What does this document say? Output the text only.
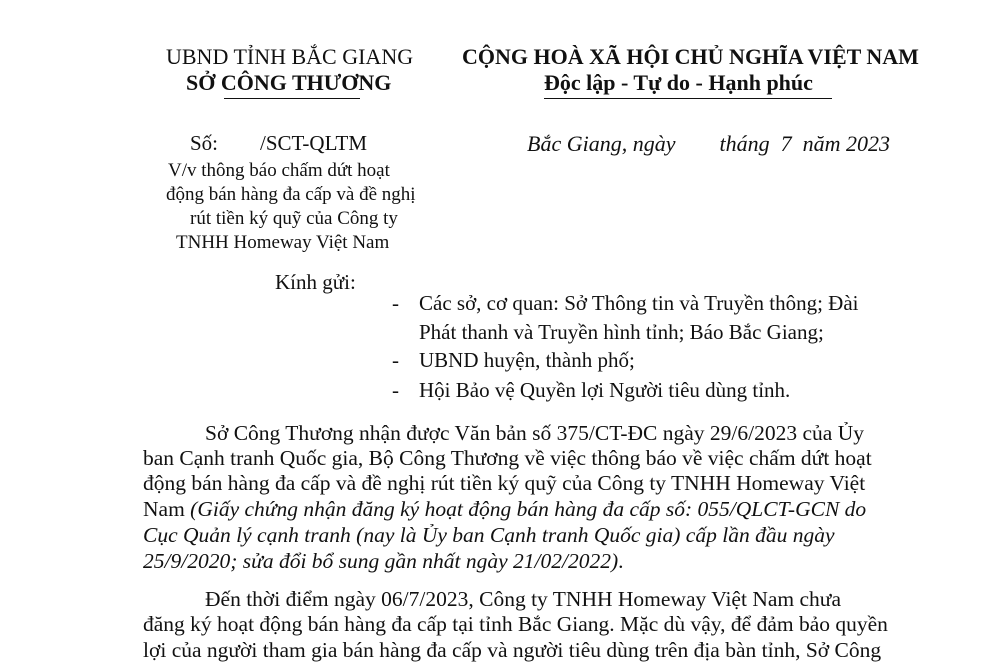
UBND TỈNH BẮC GIANG
SỞ CÔNG THƯƠNG
CỘNG HOÀ XÃ HỘI CHỦ NGHĨA VIỆT NAM
Độc lập - Tự do - Hạnh phúc
Số:        /SCT-QLTM	Bắc Giang, ngày        tháng  7  năm 2023
V/v thông báo chấm dứt hoạt
động bán hàng đa cấp và đề nghị
rút tiền ký quỹ của Công ty
TNHH Homeway Việt Nam
Kính gửi:
- Các sở, cơ quan: Sở Thông tin và Truyền thông; Đài
Phát thanh và Truyền hình tỉnh; Báo Bắc Giang;
- UBND huyện, thành phố;
- Hội Bảo vệ Quyền lợi Người tiêu dùng tỉnh.
Sở Công Thương nhận được Văn bản số 375/CT-ĐC ngày 29/6/2023 của Ủy
ban Cạnh tranh Quốc gia, Bộ Công Thương về việc thông báo về việc chấm dứt hoạt
động bán hàng đa cấp và đề nghị rút tiền ký quỹ của Công ty TNHH Homeway Việt
Nam (Giấy chứng nhận đăng ký hoạt động bán hàng đa cấp số: 055/QLCT-GCN do
Cục Quản lý cạnh tranh (nay là Ủy ban Cạnh tranh Quốc gia) cấp lần đầu ngày
25/9/2020; sửa đổi bổ sung gần nhất ngày 21/02/2022).
Đến thời điểm ngày 06/7/2023, Công ty TNHH Homeway Việt Nam chưa
đăng ký hoạt động bán hàng đa cấp tại tỉnh Bắc Giang. Mặc dù vậy, để đảm bảo quyền
lợi của người tham gia bán hàng đa cấp và người tiêu dùng trên địa bàn tỉnh, Sở Công
